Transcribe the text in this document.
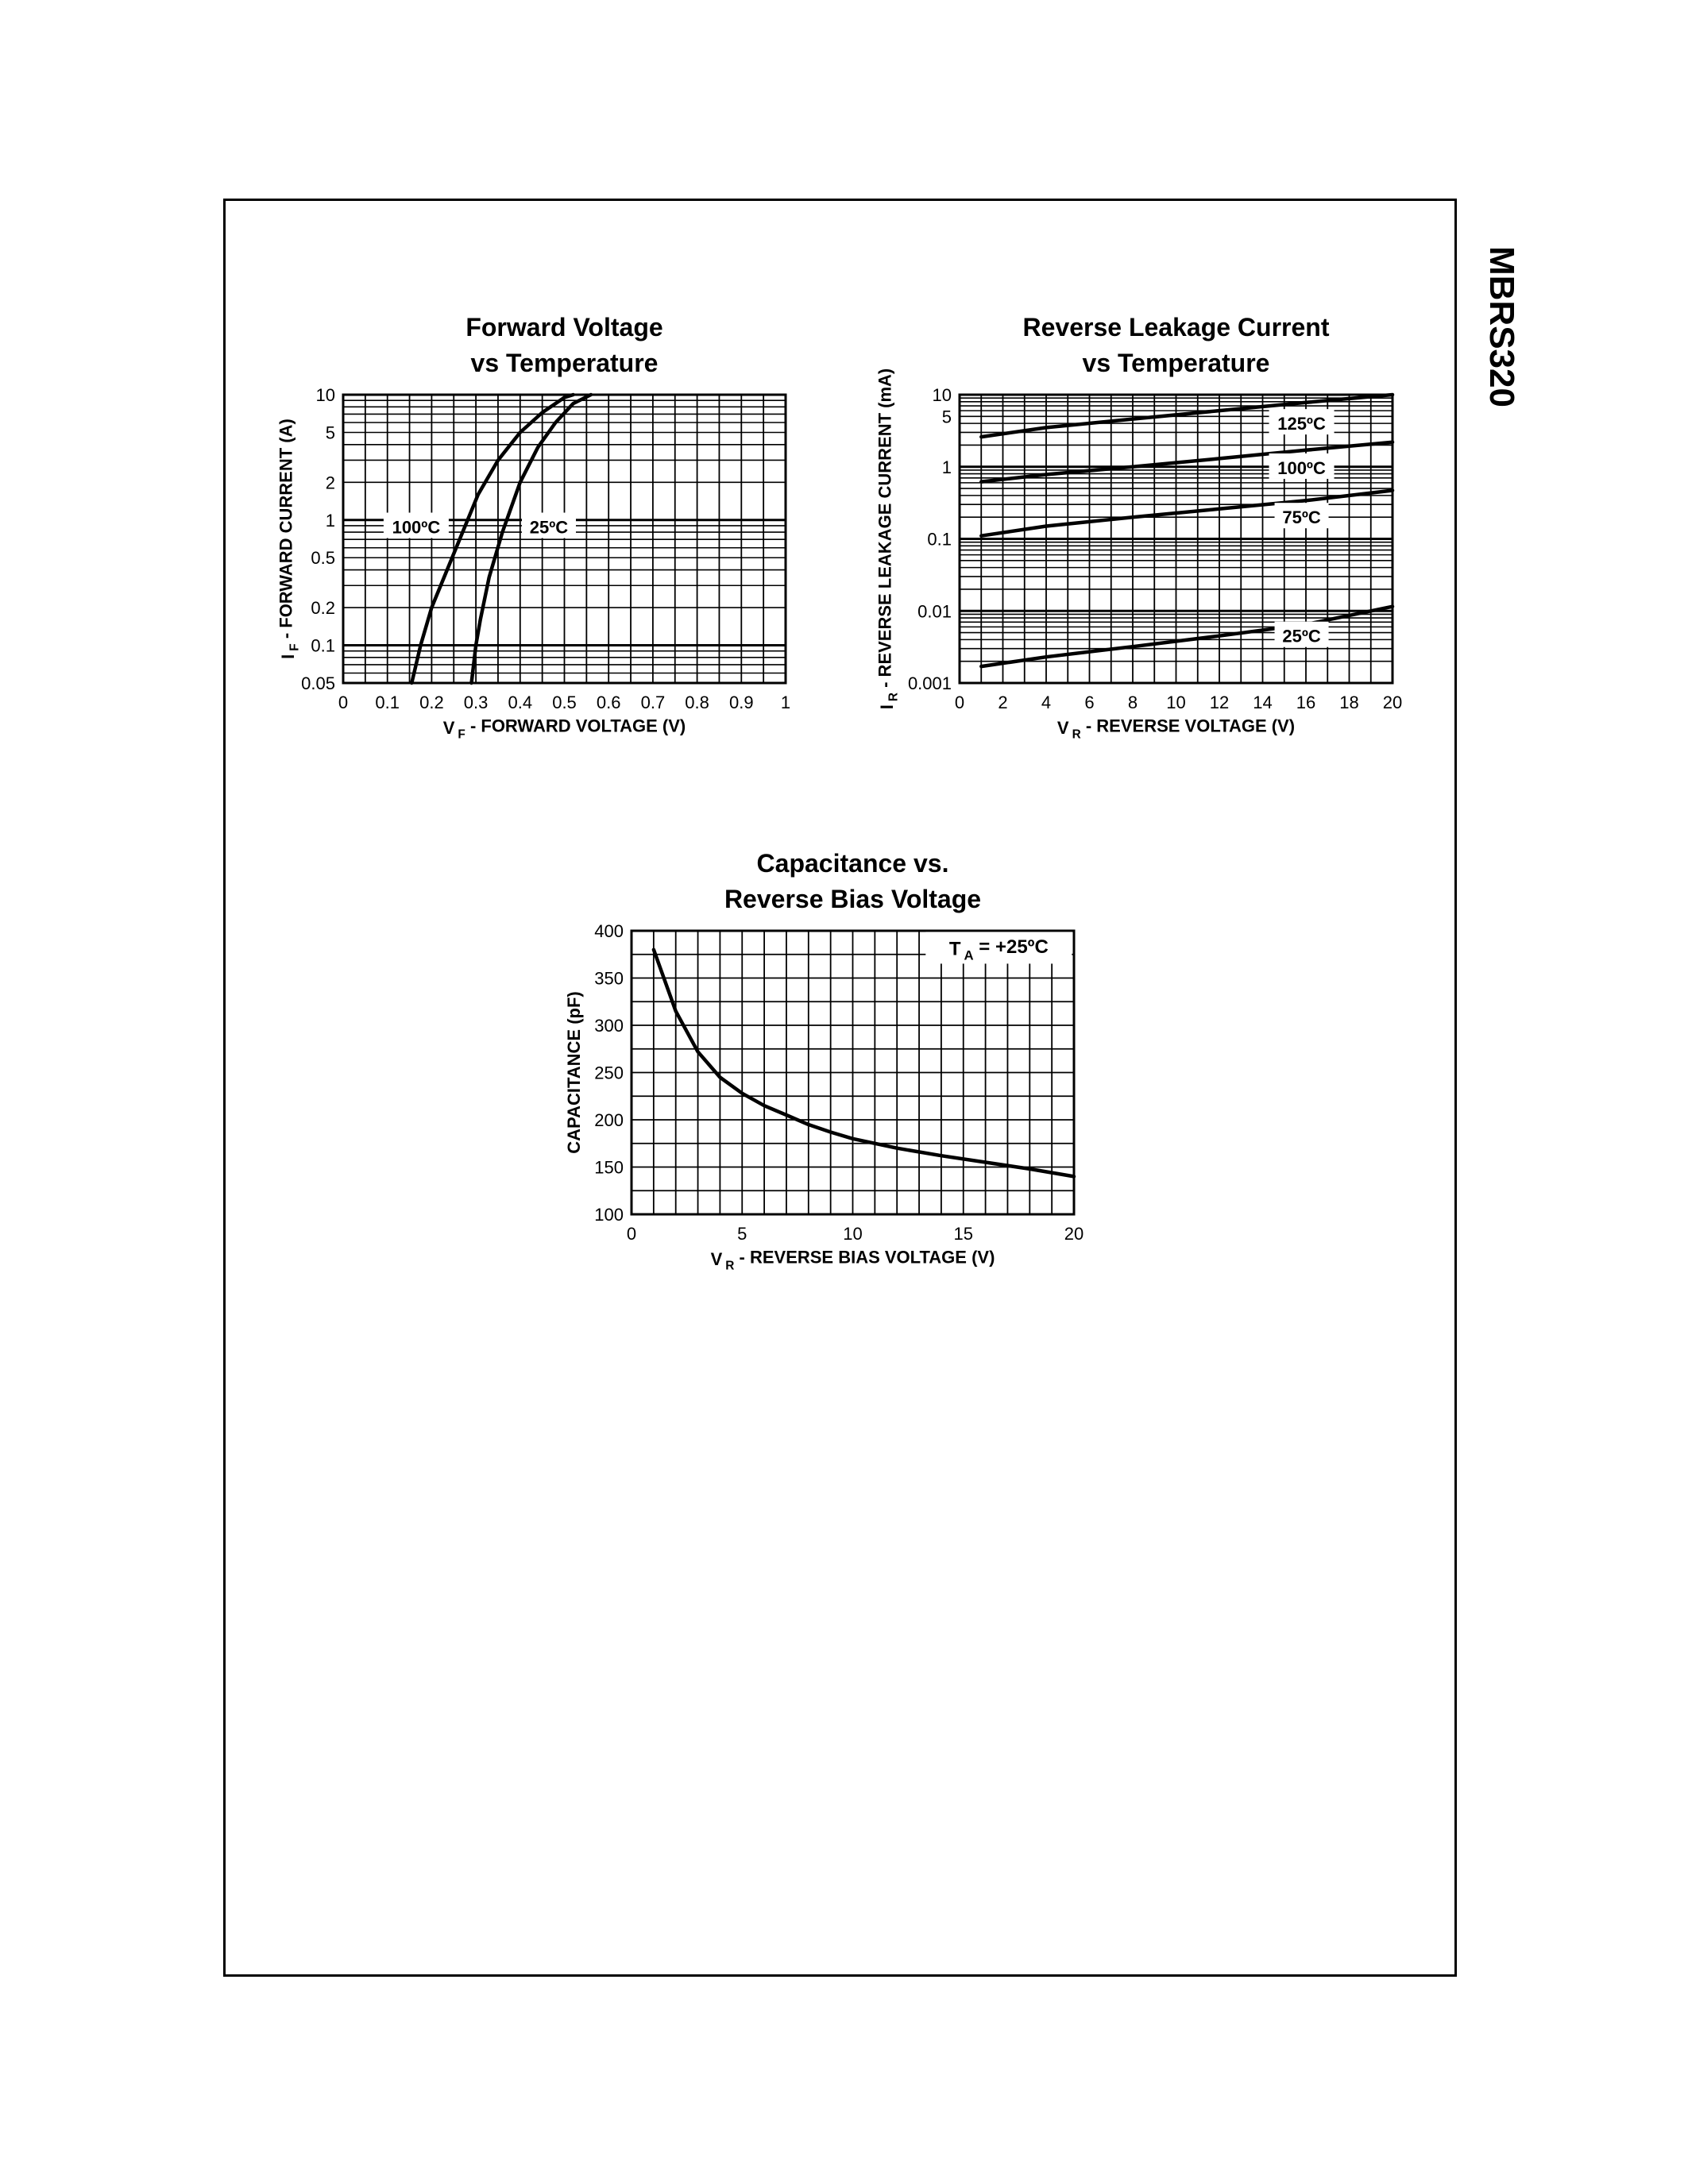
MBRS320
Forward Voltage
vs Temperature
0 0.1 0.2 0.3 0.4 0.5 0.6 0.7 0.8 0.9 1
0.05
0.1
0.2
0.5
1
2
5
10
V $_F$ - FORWARD VOLTAGE (V)
$I_F$ - FORWARD CURRENT (A)	100ºC	25ºC
Reverse Leakage Current
vs Temperature
0 2 4 6 8 10 12 14 16 18 20
0.001
0.01
0.1
1
5
10
V $_R$ - REVERSE VOLTAGE (V)
$I_R$ - REVERSE LEAKAGE CURRENT (mA)	125ºC
100ºC
75ºC
25ºC
Capacitance vs.
Reverse Bias Voltage
0	5	10	15	20
100
150
200
250
300
350
400
V $_R$ - REVERSE BIAS VOLTAGE (V)
CAPACITANCE (pF)
T $_A$ = +25ºC
